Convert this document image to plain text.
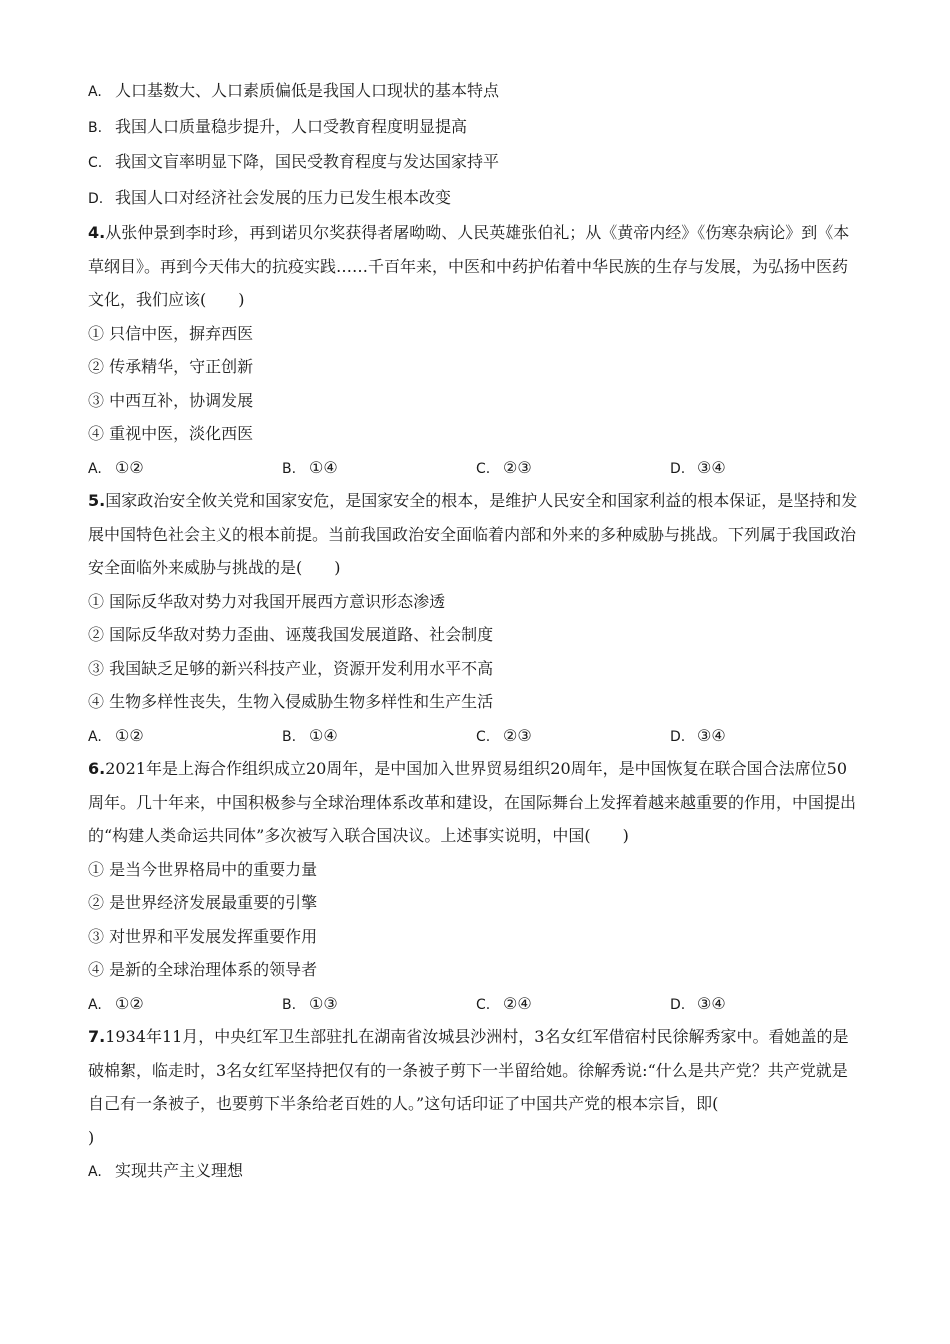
A. 人口基数大、人口素质偏低是我国人口现状的基本特点
B. 我国人口质量稳步提升，人口受教育程度明显提高
C. 我国文盲率明显下降，国民受教育程度与发达国家持平
D. 我国人口对经济社会发展的压力已发生根本改变
4.从张仲景到李时珍，再到诺贝尔奖获得者屠呦呦、人民英雄张伯礼；从《黄帝内经》《伤寒杂病论》到《本草纲目》。再到今天伟大的抗疫实践……千百年来，中医和中药护佑着中华民族的生存与发展，为弘扬中医药文化，我们应该(　　)
① 只信中医，摒弃西医
② 传承精华，守正创新
③ 中西互补，协调发展
④ 重视中医，淡化西医
A. ①②	B. ①④	C. ②③	D. ③④
5.国家政治安全攸关党和国家安危，是国家安全的根本，是维护人民安全和国家利益的根本保证，是坚持和发展中国特色社会主义的根本前提。当前我国政治安全面临着内部和外来的多种威胁与挑战。下列属于我国政治安全面临外来威胁与挑战的是(　　)
① 国际反华敌对势力对我国开展西方意识形态渗透
② 国际反华敌对势力歪曲、诬蔑我国发展道路、社会制度
③ 我国缺乏足够的新兴科技产业，资源开发利用水平不高
④ 生物多样性丧失，生物入侵威胁生物多样性和生产生活
A. ①②	B. ①④	C. ②③	D. ③④
6.2021年是上海合作组织成立20周年，是中国加入世界贸易组织20周年，是中国恢复在联合国合法席位50周年。几十年来，中国积极参与全球治理体系改革和建设，在国际舞台上发挥着越来越重要的作用，中国提出的“构建人类命运共同体”多次被写入联合国决议。上述事实说明，中国(　　)
① 是当今世界格局中的重要力量
② 是世界经济发展最重要的引擎
③ 对世界和平发展发挥重要作用
④ 是新的全球治理体系的领导者
A. ①②	B. ①③	C. ②④	D. ③④
7.1934年11月，中央红军卫生部驻扎在湖南省汝城县沙洲村，3名女红军借宿村民徐解秀家中。看她盖的是破棉絮，临走时，3名女红军坚持把仅有的一条被子剪下一半留给她。徐解秀说:“什么是共产党？共产党就是自己有一条被子，也要剪下半条给老百姓的人。”这句话印证了中国共产党的根本宗旨，即(
)
A. 实现共产主义理想
